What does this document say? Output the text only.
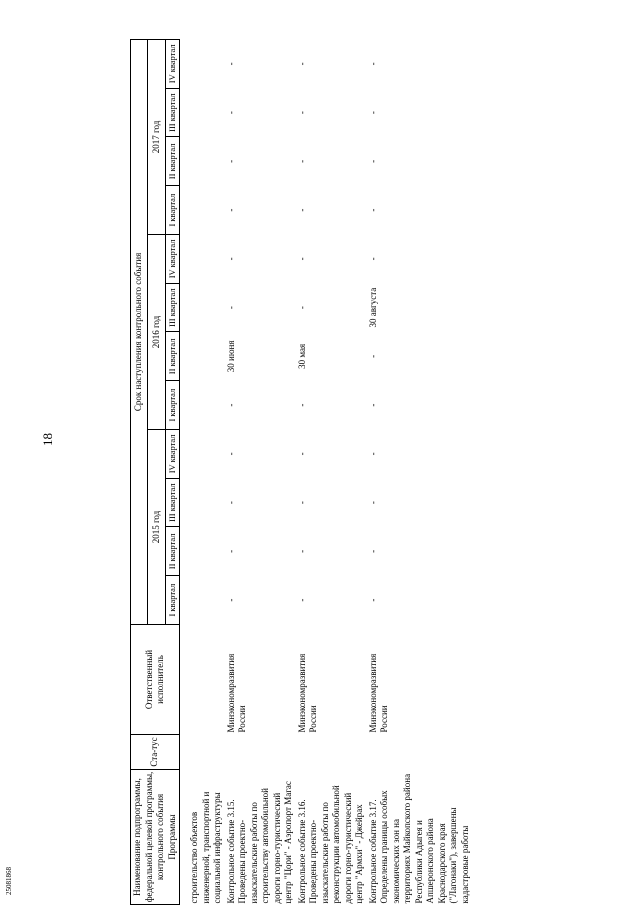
18
25081868	Наименование подпрограммы, федеральной целевой программы, контрольного события Программы	Ста-тус	Ответственный исполнитель	Срок наступления контрольного события											
			2015 год				2016 год				2017 год			
			I квартал	II квартал	III квартал	IV квартал	I квартал	II квартал	III квартал	IV квартал	I квартал	II квартал	III квартал	IV квартал

строительство объектов инженерной, транспортной и социальной инфраструктуры														
Контрольное событие 3.15. Проведены проектно-изыскательские работы по строительству автомобильной дороги горно-туристический центр "Цори" - Аэропорт Магас		Минэкономразвития России	-	-	-	-	-	30 июня	-	-	-	-	-	-
Контрольное событие 3.16. Проведены проектно-изыскательские работы по реконструкции автомобильной дороги горно-туристический центр "Армхи" - Джейрах		Минэкономразвития России	-	-	-	-	-	30 мая	-	-	-	-	-	-
Контрольное событие 3.17. Определены границы особых экономических зон на территориях Майкопского района Республики Адыгея и Апшеронского района Краснодарского края ("Лагонаки"), завершены кадастровые работы		Минэкономразвития России	-	-	-	-	-	-	30 августа	-	-	-	-	-
